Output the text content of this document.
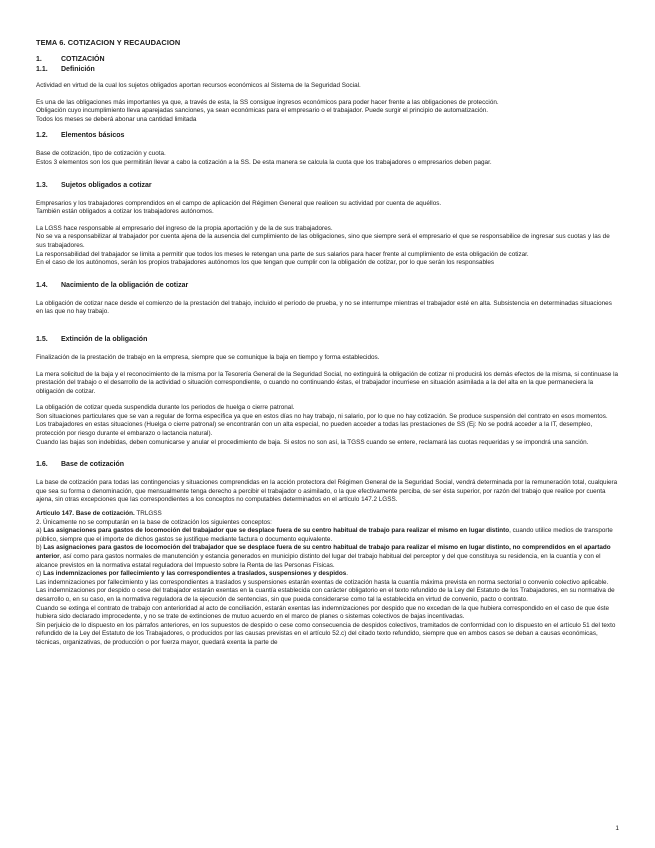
TEMA 6. COTIZACION Y RECAUDACION
1.	COTIZACIÓN
1.1. Definición

Actividad en virtud de la cual los sujetos obligados aportan recursos económicos al Sistema de la Seguridad Social.

Es una de las obligaciones más importantes ya que, a través de esta, la SS consigue ingresos económicos para poder hacer frente a las obligaciones de protección.

Obligación cuyo incumplimiento lleva aparejadas sanciones, ya sean económicas para el empresario o el trabajador. Puede surgir el principio de automatización.

Todos los meses se deberá abonar una cantidad limitada

1.2. Elementos básicos

Base de cotización, tipo de cotización y cuota.

Estos 3 elementos son los que permitirán llevar a cabo la cotización a la SS. De esta manera se calcula la cuota que los trabajadores o empresarios deben pagar.

1.3. Sujetos obligados a cotizar

Empresarios y los trabajadores comprendidos en el campo de aplicación del Régimen General que realicen su actividad por cuenta de aquéllos.

También están obligados a cotizar los trabajadores autónomos.

La LGSS hace responsable al empresario del ingreso de la propia aportación y de la de sus trabajadores.

No se va a responsabilizar al trabajador por cuenta ajena de la ausencia del cumplimiento de las obligaciones, sino que siempre será el empresario el que se responsabilice de ingresar sus cuotas y las de sus trabajadores.

La responsabilidad del trabajador se limita a permitir que todos los meses le retengan una parte de sus salarios para hacer frente al cumplimiento de esta obligación de cotizar.

En el caso de los autónomos, serán los propios trabajadores autónomos los que tengan que cumplir con la obligación de cotizar, por lo que serán los responsables

1.4. Nacimiento de la obligación de cotizar

La obligación de cotizar nace desde el comienzo de la prestación del trabajo, incluido el período de prueba, y no se interrumpe mientras el trabajador esté en alta. Subsistencia en determinadas situaciones en las que no hay trabajo.

1.5. Extinción de la obligación

Finalización de la prestación de trabajo en la empresa, siempre que se comunique la baja en tiempo y forma establecidos.

La mera solicitud de la baja y el reconocimiento de la misma por la Tesorería General de la Seguridad Social, no extinguirá la obligación de cotizar ni producirá los demás efectos de la misma, si continuase la prestación del trabajo o el desarrollo de la actividad o situación correspondiente, o cuando no continuando éstas, el trabajador incurriese en situación asimilada a la del alta en la que permaneciera la obligación de cotizar.

La obligación de cotizar queda suspendida durante los periodos de huelga o cierre patronal.

Son situaciones particulares que se van a regular de forma específica ya que en estos días no hay trabajo, ni salario, por lo que no hay cotización. Se produce suspensión del contrato en esos momentos.

Los trabajadores en estas situaciones (Huelga o cierre patronal) se encontrarán con un alta especial, no pueden acceder a todas las prestaciones de SS (Ej: No se podrá acceder a la IT, desempleo, protección por riesgo durante el embarazo o lactancia natural).

Cuando las bajas son indebidas, deben comunicarse y anular el procedimiento de baja. Si estos no son así, la TGSS cuando se entere, reclamará las cuotas requeridas y se impondrá una sanción.

1.6. Base de cotización

La base de cotización para todas las contingencias y situaciones comprendidas en la acción protectora del Régimen General de la Seguridad Social, vendrá determinada por la remuneración total, cualquiera que sea su forma o denominación, que mensualmente tenga derecho a percibir el trabajador o asimilado, o la que efectivamente perciba, de ser ésta superior, por razón del trabajo que realice por cuenta ajena, sin otras excepciones que las correspondientes a los conceptos no computables determinados en el artículo 147.2 LGSS.

Artículo 147. Base de cotización. TRLGSS

2. Únicamente no se computarán en la base de cotización los siguientes conceptos:

a) Las asignaciones para gastos de locomoción del trabajador que se desplace fuera de su centro habitual de trabajo para realizar el mismo en lugar distinto, cuando utilice medios de transporte público, siempre que el importe de dichos gastos se justifique mediante factura o documento equivalente.

b) Las asignaciones para gastos de locomoción del trabajador que se desplace fuera de su centro habitual de trabajo para realizar el mismo en lugar distinto, no comprendidos en el apartado anterior, así como para gastos normales de manutención y estancia generados en municipio distinto del lugar del trabajo habitual del perceptor y del que constituya su residencia, en la cuantía y con el alcance previstos en la normativa estatal reguladora del Impuesto sobre la Renta de las Personas Físicas.

c) Las indemnizaciones por fallecimiento y las correspondientes a traslados, suspensiones y despidos.

Las indemnizaciones por fallecimiento y las correspondientes a traslados y suspensiones estarán exentas de cotización hasta la cuantía máxima prevista en norma sectorial o convenio colectivo aplicable.

Las indemnizaciones por despido o cese del trabajador estarán exentas en la cuantía establecida con carácter obligatorio en el texto refundido de la Ley del Estatuto de los Trabajadores, en su normativa de desarrollo o, en su caso, en la normativa reguladora de la ejecución de sentencias, sin que pueda considerarse como tal la establecida en virtud de convenio, pacto o contrato.

Cuando se extinga el contrato de trabajo con anterioridad al acto de conciliación, estarán exentas las indemnizaciones por despido que no excedan de la que hubiera correspondido en el caso de que éste hubiera sido declarado improcedente, y no se trate de extinciones de mutuo acuerdo en el marco de planes o sistemas colectivos de bajas incentivadas.

Sin perjuicio de lo dispuesto en los párrafos anteriores, en los supuestos de despido o cese como consecuencia de despidos colectivos, tramitados de conformidad con lo dispuesto en el artículo 51 del texto refundido de la Ley del Estatuto de los Trabajadores, o producidos por las causas previstas en el artículo 52.c) del citado texto refundido, siempre que en ambos casos se deban a causas económicas, técnicas, organizativas, de producción o por fuerza mayor, quedará exenta la parte de

1
